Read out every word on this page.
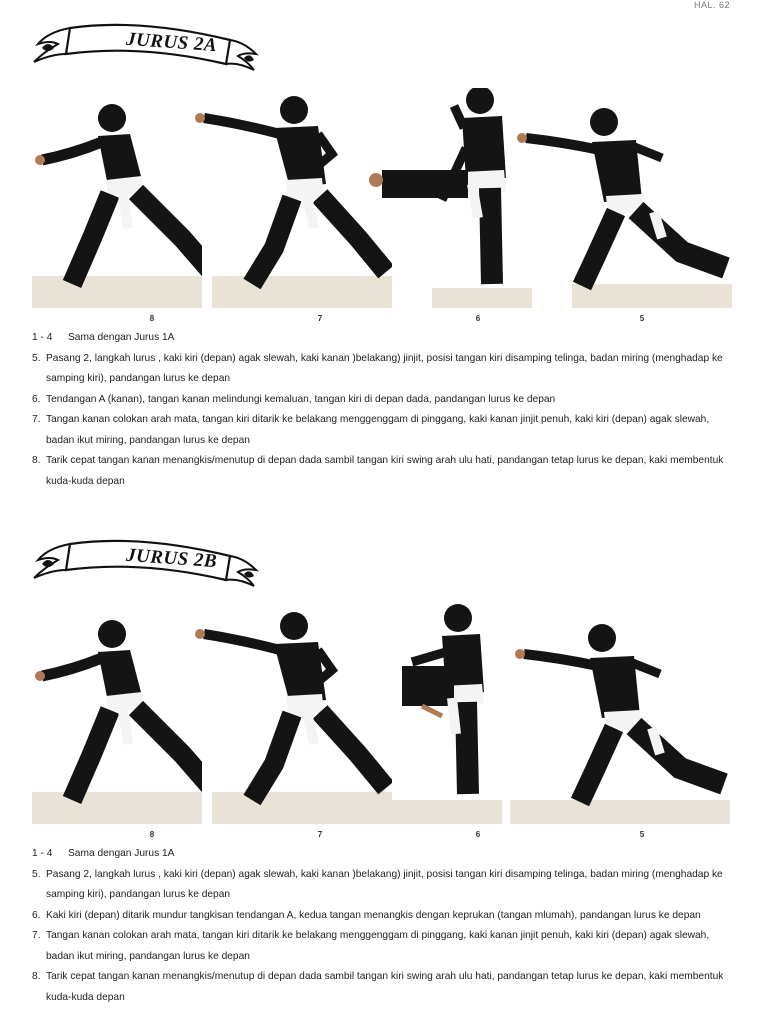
HAL. 62
JURUS 2A
8	7	6	5
1 - 4	Sama dengan Jurus 1A
5. Pasang 2, langkah lurus , kaki kiri (depan) agak slewah, kaki kanan )belakang) jinjit, posisi tangan kiri disamping telinga, badan miring (menghadap ke samping kiri), pandangan lurus ke depan
6. Tendangan A (kanan), tangan kanan melindungi kemaluan, tangan kiri di depan dada, pandangan lurus ke depan
7. Tangan kanan colokan arah mata, tangan kiri ditarik ke belakang menggenggam di pinggang, kaki kanan jinjit penuh, kaki kiri (depan) agak slewah, badan ikut miring, pandangan lurus ke depan
8. Tarik cepat tangan kanan menangkis/menutup di depan dada sambil tangan kiri swing arah ulu hati, pandangan tetap lurus ke depan, kaki membentuk kuda-kuda depan
JURUS 2B
8	7	6	5
1 - 4	Sama dengan Jurus 1A
5. Pasang 2, langkah lurus , kaki kiri (depan) agak slewah, kaki kanan )belakang) jinjit, posisi tangan kiri disamping telinga, badan miring (menghadap ke samping kiri), pandangan lurus ke depan
6. Kaki kiri (depan) ditarik mundur tangkisan tendangan A, kedua tangan menangkis dengan keprukan (tangan mlumah), pandangan lurus ke depan
7. Tangan kanan colokan arah mata, tangan kiri ditarik ke belakang menggenggam di pinggang, kaki kanan jinjit penuh, kaki kiri (depan) agak slewah, badan ikut miring, pandangan lurus ke depan
8. Tarik cepat tangan kanan menangkis/menutup di depan dada sambil tangan kiri swing arah ulu hati, pandangan tetap lurus ke depan, kaki membentuk kuda-kuda depan
